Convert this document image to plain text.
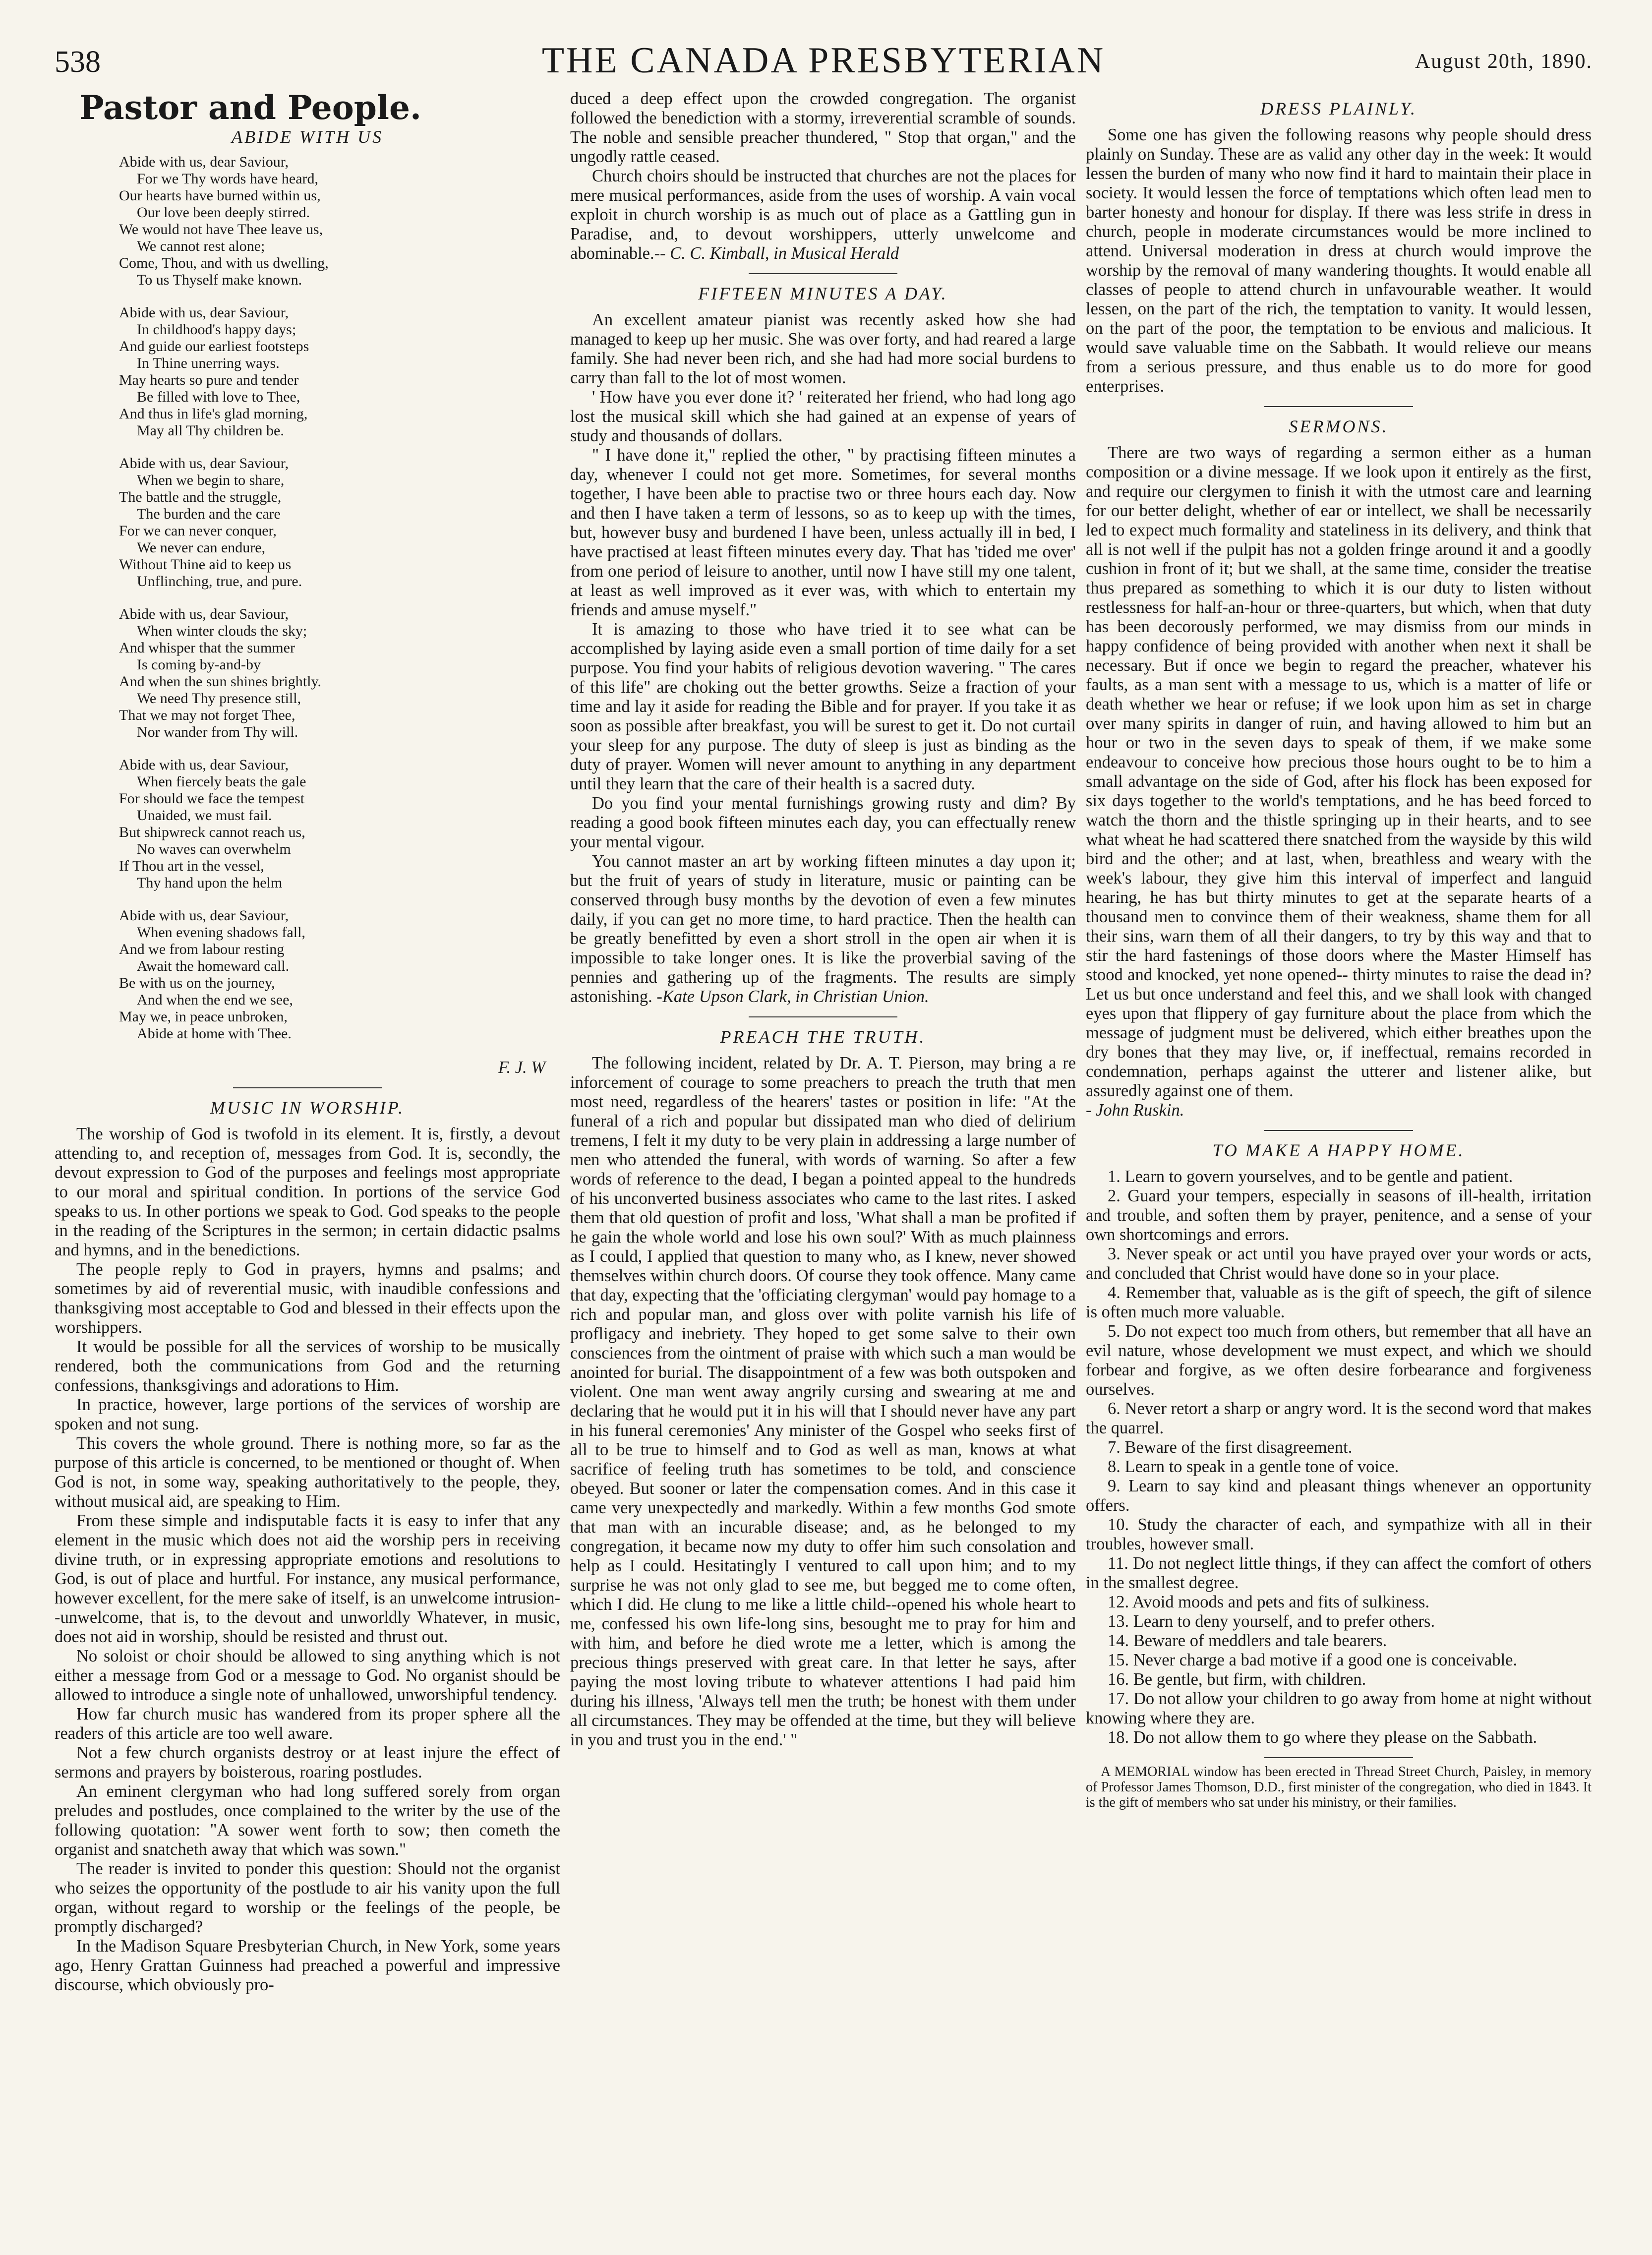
538	THE CANADA PRESBYTERIAN	August 20th, 1890.
Pastor and People.
ABIDE WITH US
Abide with us, dear Saviour,
For we Thy words have heard,
Our hearts have burned within us,
Our love been deeply stirred.
We would not have Thee leave us,
We cannot rest alone;
Come, Thou, and with us dwelling,
To us Thyself make known.
Abide with us, dear Saviour,
In childhood's happy days;
And guide our earliest footsteps
In Thine unerring ways.
May hearts so pure and tender
Be filled with love to Thee,
And thus in life's glad morning,
May all Thy children be.
Abide with us, dear Saviour,
When we begin to share,
The battle and the struggle,
The burden and the care
For we can never conquer,
We never can endure,
Without Thine aid to keep us
Unflinching, true, and pure.
Abide with us, dear Saviour,
When winter clouds the sky;
And whisper that the summer
Is coming by-and-by
And when the sun shines brightly.
We need Thy presence still,
That we may not forget Thee,
Nor wander from Thy will.
Abide with us, dear Saviour,
When fiercely beats the gale
For should we face the tempest
Unaided, we must fail.
But shipwreck cannot reach us,
No waves can overwhelm
If Thou art in the vessel,
Thy hand upon the helm
Abide with us, dear Saviour,
When evening shadows fall,
And we from labour resting
Await the homeward call.
Be with us on the journey,
And when the end we see,
May we, in peace unbroken,
Abide at home with Thee.

F. J. W

MUSIC IN WORSHIP.

The worship of God is twofold in its element. It is, firstly, a devout attending to, and reception of, messages from God. It is, secondly, the devout expression to God of the purposes and feelings most appropriate to our moral and spiritual condition. In portions of the service God speaks to us. In other portions we speak to God. God speaks to the people in the reading of the Scriptures in the sermon; in certain didactic psalms and hymns, and in the benedictions.

The people reply to God in prayers, hymns and psalms; and sometimes by aid of reverential music, with inaudible confessions and thanksgiving most acceptable to God and blessed in their effects upon the worshippers.

It would be possible for all the services of worship to be musically rendered, both the communications from God and the returning confessions, thanksgivings and adorations to Him.

In practice, however, large portions of the services of worship are spoken and not sung.

This covers the whole ground. There is nothing more, so far as the purpose of this article is concerned, to be mentioned or thought of. When God is not, in some way, speaking authoritatively to the people, they, without musical aid, are speaking to Him.

From these simple and indisputable facts it is easy to infer that any element in the music which does not aid the worship pers in receiving divine truth, or in expressing appropriate emotions and resolutions to God, is out of place and hurtful. For instance, any musical performance, however excellent, for the mere sake of itself, is an unwelcome intrusion--unwelcome, that is, to the devout and unworldly Whatever, in music, does not aid in worship, should be resisted and thrust out.

No soloist or choir should be allowed to sing anything which is not either a message from God or a message to God. No organist should be allowed to introduce a single note of unhallowed, unworshipful tendency.

How far church music has wandered from its proper sphere all the readers of this article are too well aware.

Not a few church organists destroy or at least injure the effect of sermons and prayers by boisterous, roaring postludes.

An eminent clergyman who had long suffered sorely from organ preludes and postludes, once complained to the writer by the use of the following quotation: "A sower went forth to sow; then cometh the organist and snatcheth away that which was sown."

The reader is invited to ponder this question: Should not the organist who seizes the opportunity of the postlude to air his vanity upon the full organ, without regard to worship or the feelings of the people, be promptly discharged?

In the Madison Square Presbyterian Church, in New York, some years ago, Henry Grattan Guinness had preached a powerful and impressive discourse, which obviously pro-

duced a deep effect upon the crowded congregation. The organist followed the benediction with a stormy, irreverential scramble of sounds. The noble and sensible preacher thundered, " Stop that organ," and the ungodly rattle ceased.

Church choirs should be instructed that churches are not the places for mere musical performances, aside from the uses of worship. A vain vocal exploit in church worship is as much out of place as a Gattling gun in Paradise, and, to devout worshippers, utterly unwelcome and abominable.-- C. C. Kimball, in Musical Herald

FIFTEEN MINUTES A DAY.

An excellent amateur pianist was recently asked how she had managed to keep up her music. She was over forty, and had reared a large family. She had never been rich, and she had had more social burdens to carry than fall to the lot of most women.

' How have you ever done it? ' reiterated her friend, who had long ago lost the musical skill which she had gained at an expense of years of study and thousands of dollars.

" I have done it," replied the other, " by practising fifteen minutes a day, whenever I could not get more. Sometimes, for several months together, I have been able to practise two or three hours each day. Now and then I have taken a term of lessons, so as to keep up with the times, but, however busy and burdened I have been, unless actually ill in bed, I have practised at least fifteen minutes every day. That has 'tided me over' from one period of leisure to another, until now I have still my one talent, at least as well improved as it ever was, with which to entertain my friends and amuse myself."

It is amazing to those who have tried it to see what can be accomplished by laying aside even a small portion of time daily for a set purpose. You find your habits of religious devotion wavering. " The cares of this life" are choking out the better growths. Seize a fraction of your time and lay it aside for reading the Bible and for prayer. If you take it as soon as possible after breakfast, you will be surest to get it. Do not curtail your sleep for any purpose. The duty of sleep is just as binding as the duty of prayer. Women will never amount to anything in any department until they learn that the care of their health is a sacred duty.

Do you find your mental furnishings growing rusty and dim? By reading a good book fifteen minutes each day, you can effectually renew your mental vigour.

You cannot master an art by working fifteen minutes a day upon it; but the fruit of years of study in literature, music or painting can be conserved through busy months by the devotion of even a few minutes daily, if you can get no more time, to hard practice. Then the health can be greatly benefitted by even a short stroll in the open air when it is impossible to take longer ones. It is like the proverbial saving of the pennies and gathering up of the fragments. The results are simply astonishing. -Kate Upson Clark, in Christian Union.

PREACH THE TRUTH.

The following incident, related by Dr. A. T. Pierson, may bring a re inforcement of courage to some preachers to preach the truth that men most need, regardless of the hearers' tastes or position in life: "At the funeral of a rich and popular but dissipated man who died of delirium tremens, I felt it my duty to be very plain in addressing a large number of men who attended the funeral, with words of warning. So after a few words of reference to the dead, I began a pointed appeal to the hundreds of his unconverted business associates who came to the last rites. I asked them that old question of profit and loss, 'What shall a man be profited if he gain the whole world and lose his own soul?' With as much plainness as I could, I applied that question to many who, as I knew, never showed themselves within church doors. Of course they took offence. Many came that day, expecting that the 'officiating clergyman' would pay homage to a rich and popular man, and gloss over with polite varnish his life of profligacy and inebriety. They hoped to get some salve to their own consciences from the ointment of praise with which such a man would be anointed for burial. The disappointment of a few was both outspoken and violent. One man went away angrily cursing and swearing at me and declaring that he would put it in his will that I should never have any part in his funeral ceremonies' Any minister of the Gospel who seeks first of all to be true to himself and to God as well as man, knows at what sacrifice of feeling truth has sometimes to be told, and conscience obeyed. But sooner or later the compensation comes. And in this case it came very unexpectedly and markedly. Within a few months God smote that man with an incurable disease; and, as he belonged to my congregation, it became now my duty to offer him such consolation and help as I could. Hesitatingly I ventured to call upon him; and to my surprise he was not only glad to see me, but begged me to come often, which I did. He clung to me like a little child--opened his whole heart to me, confessed his own life-long sins, besought me to pray for him and with him, and before he died wrote me a letter, which is among the precious things preserved with great care. In that letter he says, after paying the most loving tribute to whatever attentions I had paid him during his illness, 'Always tell men the truth; be honest with them under all circumstances. They may be offended at the time, but they will believe in you and trust you in the end.' "

DRESS PLAINLY.

Some one has given the following reasons why people should dress plainly on Sunday. These are as valid any other day in the week: It would lessen the burden of many who now find it hard to maintain their place in society. It would lessen the force of temptations which often lead men to barter honesty and honour for display. If there was less strife in dress in church, people in moderate circumstances would be more inclined to attend. Universal moderation in dress at church would improve the worship by the removal of many wandering thoughts. It would enable all classes of people to attend church in unfavourable weather. It would lessen, on the part of the rich, the temptation to vanity. It would lessen, on the part of the poor, the temptation to be envious and malicious. It would save valuable time on the Sabbath. It would relieve our means from a serious pressure, and thus enable us to do more for good enterprises.

SERMONS.

There are two ways of regarding a sermon either as a human composition or a divine message. If we look upon it entirely as the first, and require our clergymen to finish it with the utmost care and learning for our better delight, whether of ear or intellect, we shall be necessarily led to expect much formality and stateliness in its delivery, and think that all is not well if the pulpit has not a golden fringe around it and a goodly cushion in front of it; but we shall, at the same time, consider the treatise thus prepared as something to which it is our duty to listen without restlessness for half-an-hour or three-quarters, but which, when that duty has been decorously performed, we may dismiss from our minds in happy confidence of being provided with another when next it shall be necessary. But if once we begin to regard the preacher, whatever his faults, as a man sent with a message to us, which is a matter of life or death whether we hear or refuse; if we look upon him as set in charge over many spirits in danger of ruin, and having allowed to him but an hour or two in the seven days to speak of them, if we make some endeavour to conceive how precious those hours ought to be to him a small advantage on the side of God, after his flock has been exposed for six days together to the world's temptations, and he has beed forced to watch the thorn and the thistle springing up in their hearts, and to see what wheat he had scattered there snatched from the wayside by this wild bird and the other; and at last, when, breathless and weary with the week's labour, they give him this interval of imperfect and languid hearing, he has but thirty minutes to get at the separate hearts of a thousand men to convince them of their weakness, shame them for all their sins, warn them of all their dangers, to try by this way and that to stir the hard fastenings of those doors where the Master Himself has stood and knocked, yet none opened-- thirty minutes to raise the dead in? Let us but once understand and feel this, and we shall look with changed eyes upon that flippery of gay furniture about the place from which the message of judgment must be delivered, which either breathes upon the dry bones that they may live, or, if ineffectual, remains recorded in condemnation, perhaps against the utterer and listener alike, but assuredly against one of them.

- John Ruskin.

TO MAKE A HAPPY HOME.

1. Learn to govern yourselves, and to be gentle and patient.

2. Guard your tempers, especially in seasons of ill-health, irritation and trouble, and soften them by prayer, penitence, and a sense of your own shortcomings and errors.

3. Never speak or act until you have prayed over your words or acts, and concluded that Christ would have done so in your place.

4. Remember that, valuable as is the gift of speech, the gift of silence is often much more valuable.

5. Do not expect too much from others, but remember that all have an evil nature, whose development we must expect, and which we should forbear and forgive, as we often desire forbearance and forgiveness ourselves.

6. Never retort a sharp or angry word. It is the second word that makes the quarrel.

7. Beware of the first disagreement.

8. Learn to speak in a gentle tone of voice.

9. Learn to say kind and pleasant things whenever an opportunity offers.

10. Study the character of each, and sympathize with all in their troubles, however small.

11. Do not neglect little things, if they can affect the comfort of others in the smallest degree.

12. Avoid moods and pets and fits of sulkiness.

13. Learn to deny yourself, and to prefer others.

14. Beware of meddlers and tale bearers.

15. Never charge a bad motive if a good one is conceivable.

16. Be gentle, but firm, with children.

17. Do not allow your children to go away from home at night without knowing where they are.

18. Do not allow them to go where they please on the Sabbath.

A MEMORIAL window has been erected in Thread Street Church, Paisley, in memory of Professor James Thomson, D.D., first minister of the congregation, who died in 1843. It is the gift of members who sat under his ministry, or their families.
